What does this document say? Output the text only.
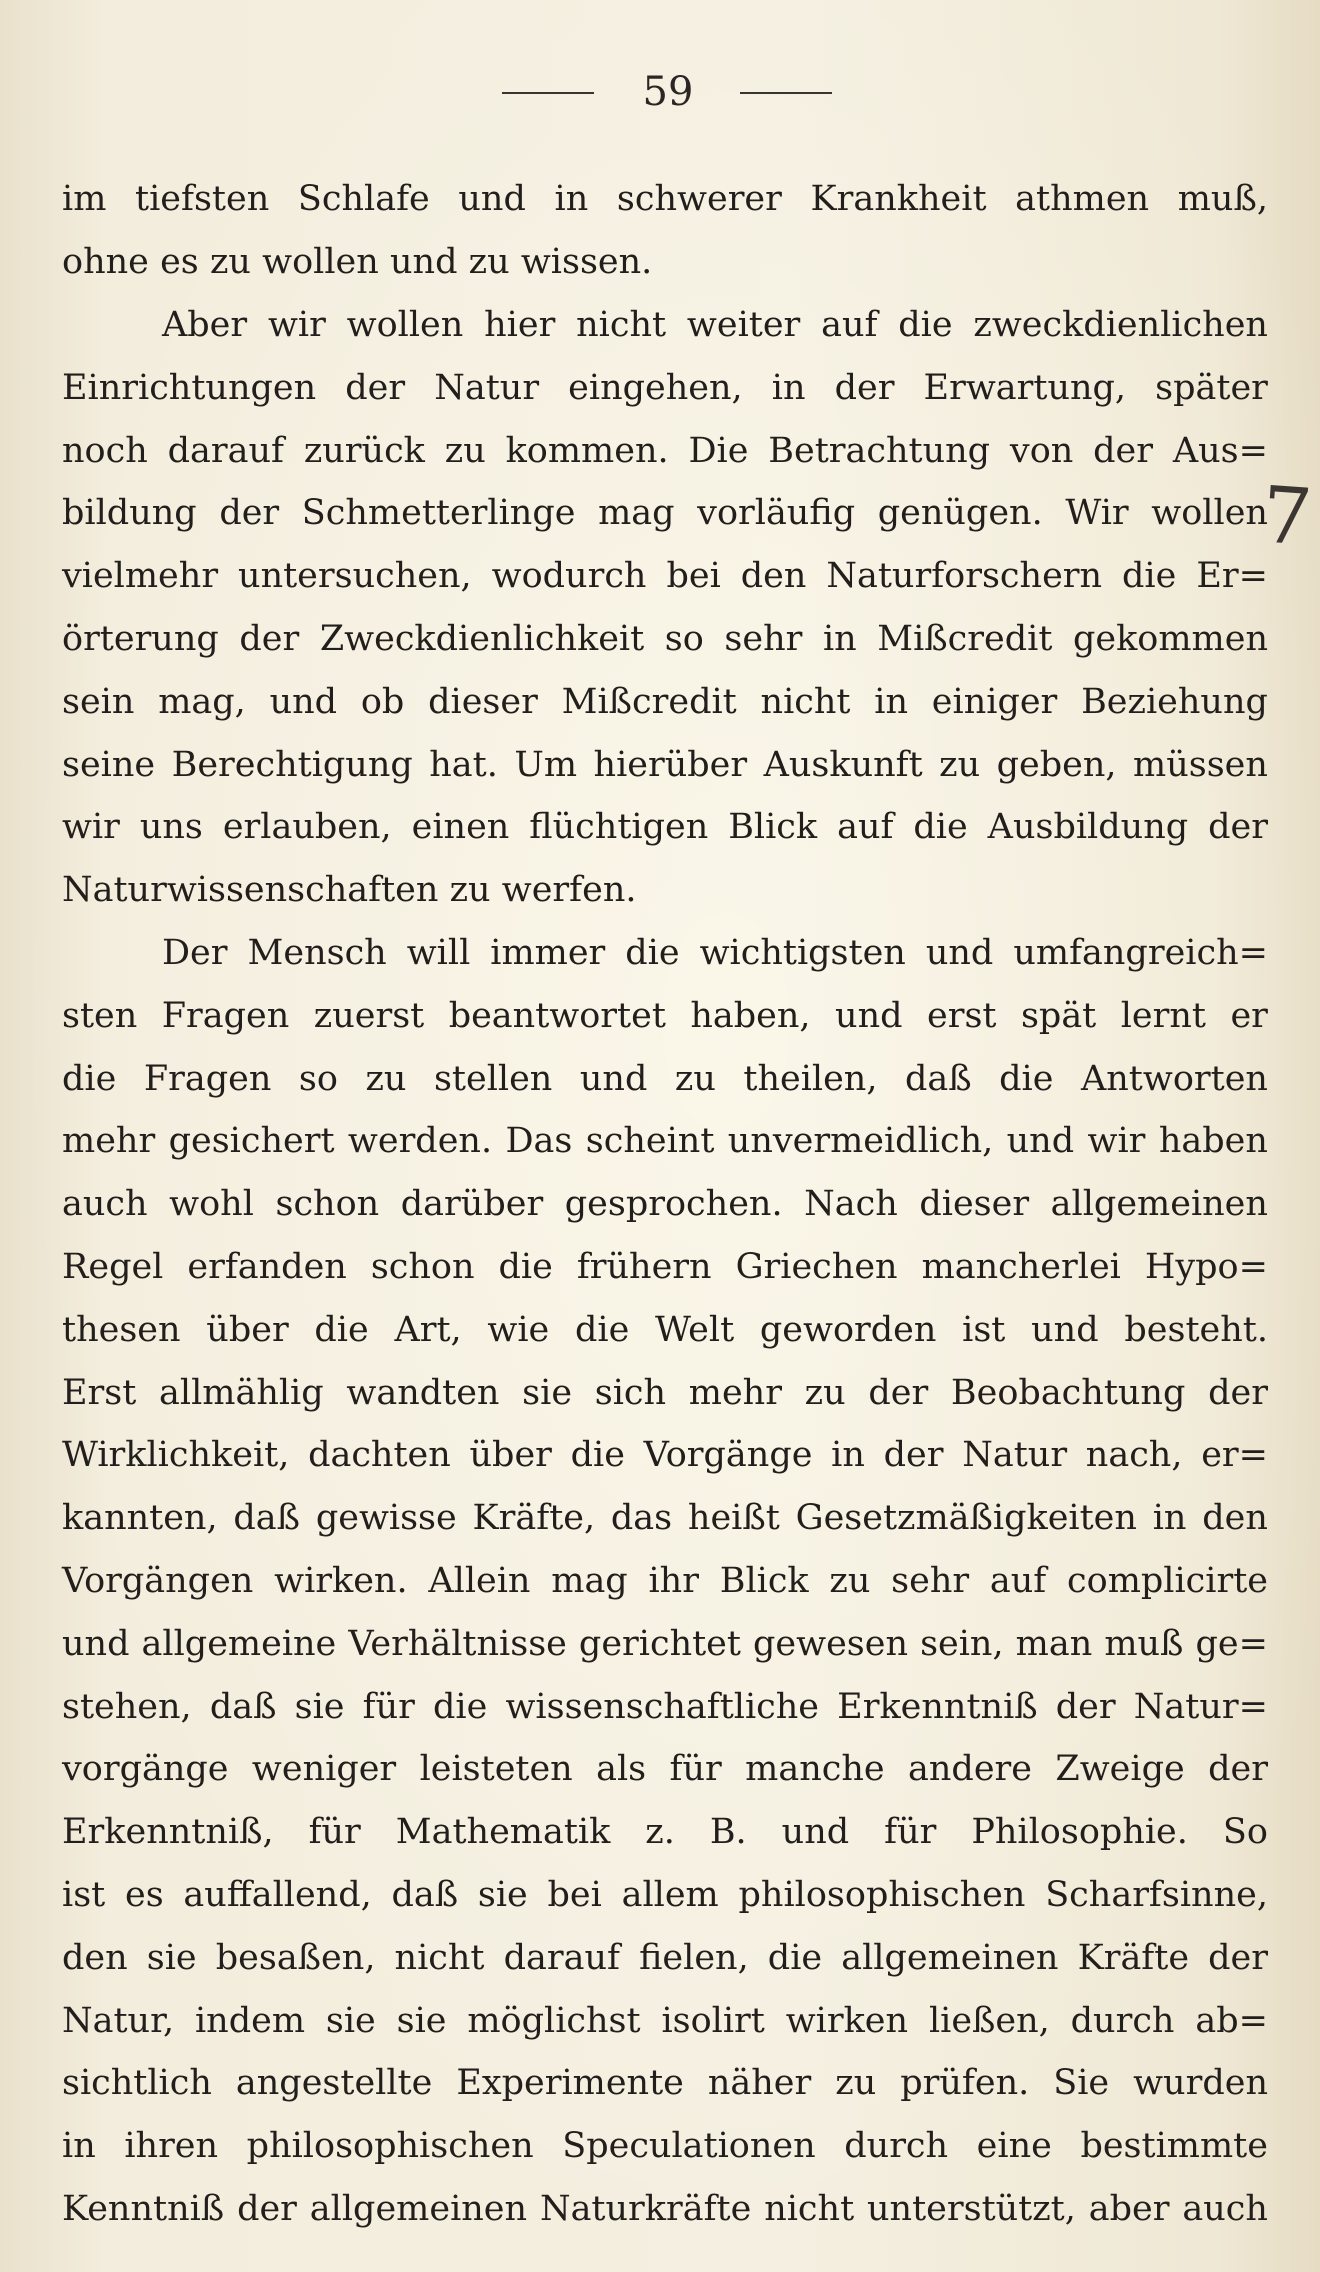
59
im tiefsten Schlafe und in schwerer Krankheit athmen muß,
ohne es zu wollen und zu wissen.
Aber wir wollen hier nicht weiter auf die zweckdienlichen
Einrichtungen der Natur eingehen, in der Erwartung, später
noch darauf zurück zu kommen. Die Betrachtung von der Aus=
bildung der Schmetterlinge mag vorläufig genügen. Wir wollen
vielmehr untersuchen, wodurch bei den Naturforschern die Er=
örterung der Zweckdienlichkeit so sehr in Mißcredit gekommen
sein mag, und ob dieser Mißcredit nicht in einiger Beziehung
seine Berechtigung hat. Um hierüber Auskunft zu geben, müssen
wir uns erlauben, einen flüchtigen Blick auf die Ausbildung der
Naturwissenschaften zu werfen.
Der Mensch will immer die wichtigsten und umfangreich=
sten Fragen zuerst beantwortet haben, und erst spät lernt er
die Fragen so zu stellen und zu theilen, daß die Antworten
mehr gesichert werden. Das scheint unvermeidlich, und wir haben
auch wohl schon darüber gesprochen. Nach dieser allgemeinen
Regel erfanden schon die frühern Griechen mancherlei Hypo=
thesen über die Art, wie die Welt geworden ist und besteht.
Erst allmählig wandten sie sich mehr zu der Beobachtung der
Wirklichkeit, dachten über die Vorgänge in der Natur nach, er=
kannten, daß gewisse Kräfte, das heißt Gesetzmäßigkeiten in den
Vorgängen wirken. Allein mag ihr Blick zu sehr auf complicirte
und allgemeine Verhältnisse gerichtet gewesen sein, man muß ge=
stehen, daß sie für die wissenschaftliche Erkenntniß der Natur=
vorgänge weniger leisteten als für manche andere Zweige der
Erkenntniß, für Mathematik z. B. und für Philosophie. So
ist es auffallend, daß sie bei allem philosophischen Scharfsinne,
den sie besaßen, nicht darauf fielen, die allgemeinen Kräfte der
Natur, indem sie sie möglichst isolirt wirken ließen, durch ab=
sichtlich angestellte Experimente näher zu prüfen. Sie wurden
in ihren philosophischen Speculationen durch eine bestimmte
Kenntniß der allgemeinen Naturkräfte nicht unterstützt, aber auch
7
